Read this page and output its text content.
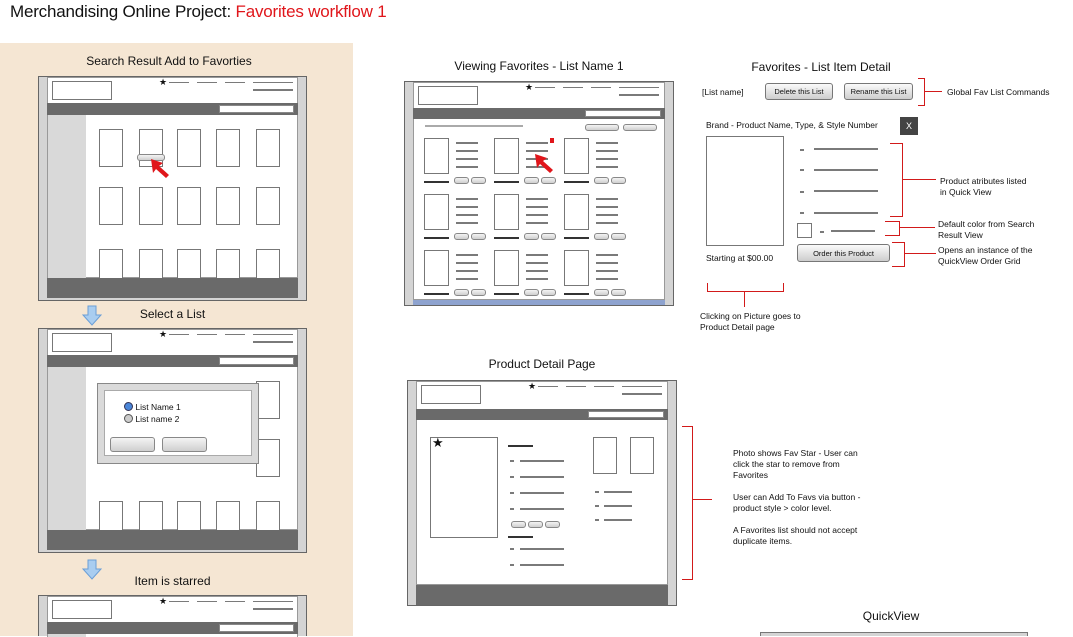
Merchandising Online Project: Favorites workflow 1
Search Result Add to Favorties
★
Select a List
★
List Name 1
List name 2
Item is starred
★
Viewing Favorites - List Name 1
★
Favorites - List Item Detail
[List name]	Delete this List	Rename this List	Global Fav List Commands
Brand - Product Name, Type, & Style Number	X
Starting at $00.00	Order this Product
Product atributes listed
in Quick View
Default color from Search
Result View
Opens an instance of the
QuickView Order Grid
Clicking on Picture goes to
Product Detail page
Product Detail Page
★
★
Photo shows Fav Star - User can
click the star to remove from
Favorites
User can Add To Favs via button -
product style > color level.
A Favorites list should not accept
duplicate items.
QuickView
